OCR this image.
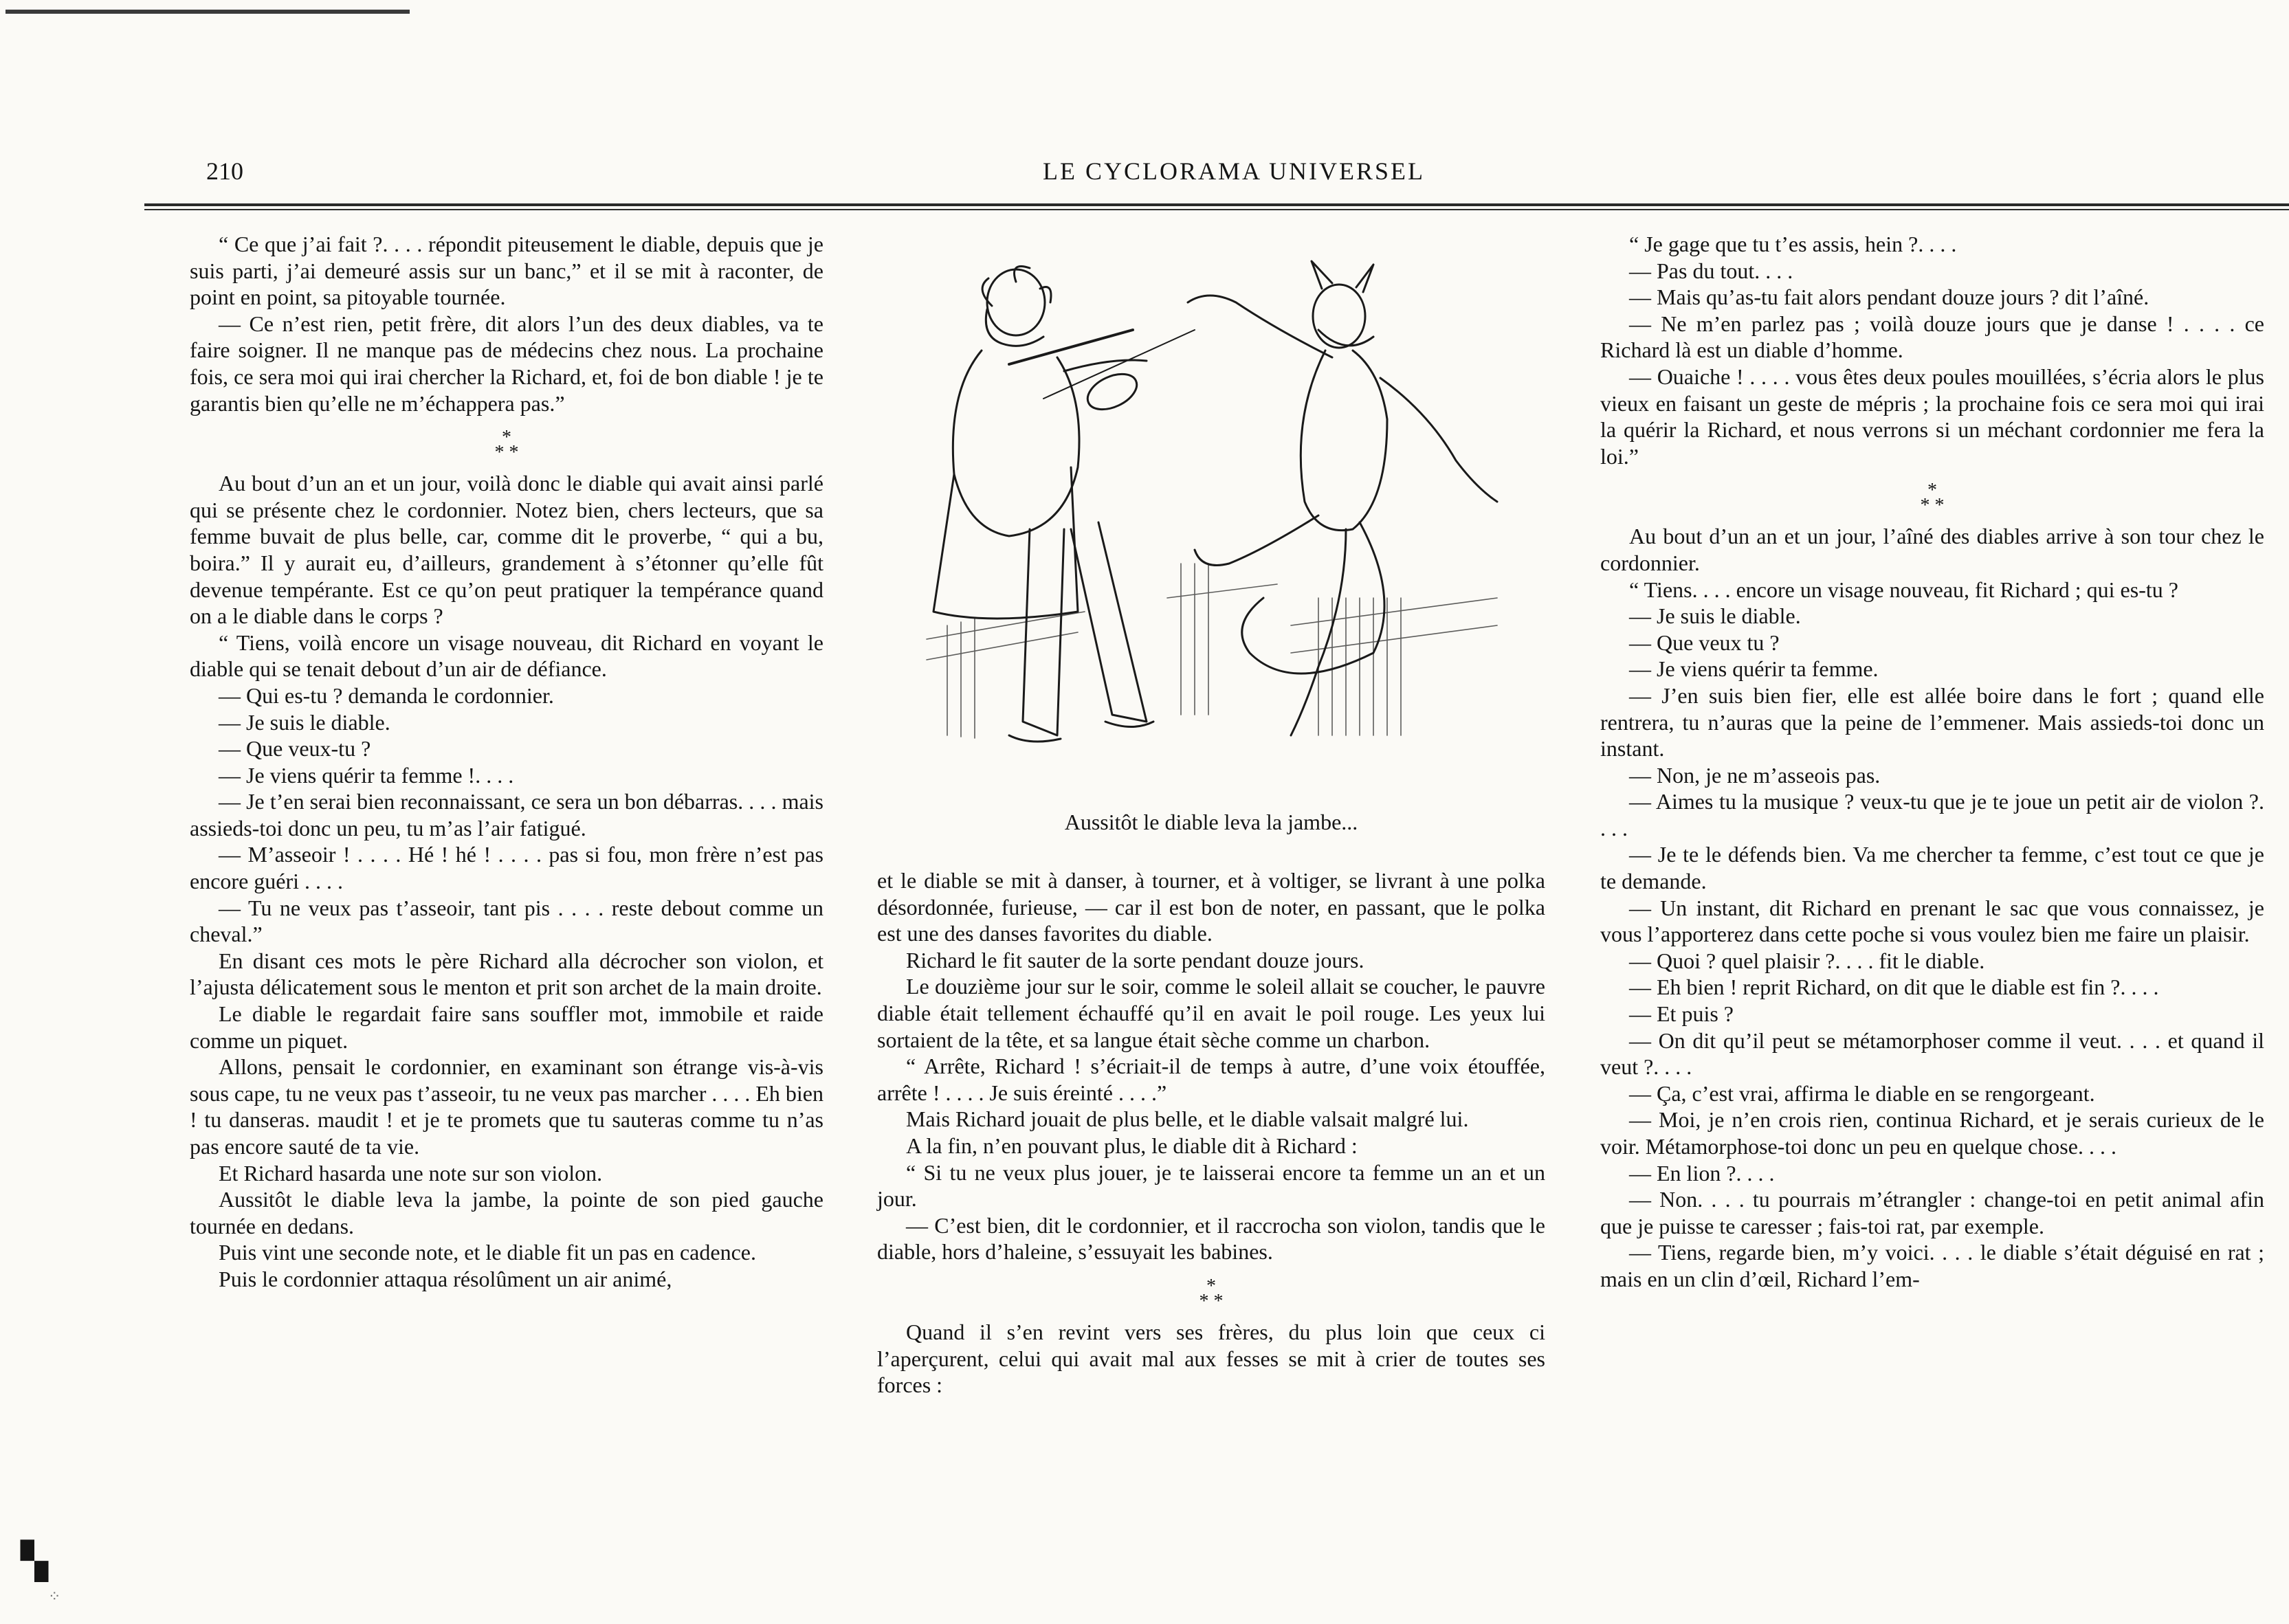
210	LE CYCLORAMA UNIVERSEL

“ Ce que j’ai fait ?. . . . répondit piteusement le diable, depuis que je suis parti, j’ai demeuré assis sur un banc,” et il se mit à raconter, de point en point, sa pitoyable tournée.

— Ce n’est rien, petit frère, dit alors l’un des deux diables, va te faire soigner. Il ne manque pas de médecins chez nous. La prochaine fois, ce sera moi qui irai chercher la Richard, et, foi de bon diable ! je te garantis bien qu’elle ne m’échappera pas.”

*
* *

Au bout d’un an et un jour, voilà donc le diable qui avait ainsi parlé qui se présente chez le cordonnier. Notez bien, chers lecteurs, que sa femme buvait de plus belle, car, comme dit le proverbe, “ qui a bu, boira.” Il y aurait eu, d’ailleurs, grandement à s’étonner qu’elle fût devenue tempérante. Est ce qu’on peut pratiquer la tempérance quand on a le diable dans le corps ?

“ Tiens, voilà encore un visage nouveau, dit Richard en voyant le diable qui se tenait debout d’un air de défiance.

— Qui es-tu ? demanda le cordonnier.

— Je suis le diable.

— Que veux-tu ?

— Je viens quérir ta femme !. . . .

— Je t’en serai bien reconnaissant, ce sera un bon débarras. . . . mais assieds-toi donc un peu, tu m’as l’air fatigué.

— M’asseoir ! . . . . Hé ! hé ! . . . . pas si fou, mon frère n’est pas encore guéri . . . .

— Tu ne veux pas t’asseoir, tant pis . . . . reste debout comme un cheval.”

En disant ces mots le père Richard alla décrocher son violon, et l’ajusta délicatement sous le menton et prit son archet de la main droite.

Le diable le regardait faire sans souffler mot, immobile et raide comme un piquet.

Allons, pensait le cordonnier, en examinant son étrange vis-à-vis sous cape, tu ne veux pas t’asseoir, tu ne veux pas marcher . . . . Eh bien ! tu danseras. maudit ! et je te promets que tu sauteras comme tu n’as pas encore sauté de ta vie.

Et Richard hasarda une note sur son violon.

Aussitôt le diable leva la jambe, la pointe de son pied gauche tournée en dedans.

Puis vint une seconde note, et le diable fit un pas en cadence.

Puis le cordonnier attaqua résolûment un air animé,

Aussitôt le diable leva la jambe...

et le diable se mit à danser, à tourner, et à voltiger, se livrant à une polka désordonnée, furieuse, — car il est bon de noter, en passant, que le polka est une des danses favorites du diable.

Richard le fit sauter de la sorte pendant douze jours.

Le douzième jour sur le soir, comme le soleil allait se coucher, le pauvre diable était tellement échauffé qu’il en avait le poil rouge. Les yeux lui sortaient de la tête, et sa langue était sèche comme un charbon.

“ Arrête, Richard ! s’écriait-il de temps à autre, d’une voix étouffée, arrête ! . . . . Je suis éreinté . . . .”

Mais Richard jouait de plus belle, et le diable valsait malgré lui.

A la fin, n’en pouvant plus, le diable dit à Richard :

“ Si tu ne veux plus jouer, je te laisserai encore ta femme un an et un jour.

— C’est bien, dit le cordonnier, et il raccrocha son violon, tandis que le diable, hors d’haleine, s’essuyait les babines.

*
* *

Quand il s’en revint vers ses frères, du plus loin que ceux ci l’aperçurent, celui qui avait mal aux fesses se mit à crier de toutes ses forces :

“ Je gage que tu t’es assis, hein ?. . . .

— Pas du tout. . . .

— Mais qu’as-tu fait alors pendant douze jours ? dit l’aîné.

— Ne m’en parlez pas ; voilà douze jours que je danse ! . . . . ce Richard là est un diable d’homme.

— Ouaiche ! . . . . vous êtes deux poules mouillées, s’écria alors le plus vieux en faisant un geste de mépris ; la prochaine fois ce sera moi qui irai la quérir la Richard, et nous verrons si un méchant cordonnier me fera la loi.”

*
* *

Au bout d’un an et un jour, l’aîné des diables arrive à son tour chez le cordonnier.

“ Tiens. . . . encore un visage nouveau, fit Richard ; qui es-tu ?

— Je suis le diable.

— Que veux tu ?

— Je viens quérir ta femme.

— J’en suis bien fier, elle est allée boire dans le fort ; quand elle rentrera, tu n’auras que la peine de l’emmener. Mais assieds-toi donc un instant.

— Non, je ne m’asseois pas.

— Aimes tu la musique ? veux-tu que je te joue un petit air de violon ?. . . .

— Je te le défends bien. Va me chercher ta femme, c’est tout ce que je te demande.

— Un instant, dit Richard en prenant le sac que vous connaissez, je vous l’apporterez dans cette poche si vous voulez bien me faire un plaisir.

— Quoi ? quel plaisir ?. . . . fit le diable.

— Eh bien ! reprit Richard, on dit que le diable est fin ?. . . .

— Et puis ?

— On dit qu’il peut se métamorphoser comme il veut. . . . et quand il veut ?. . . .

— Ça, c’est vrai, affirma le diable en se rengorgeant.

— Moi, je n’en crois rien, continua Richard, et je serais curieux de le voir. Métamorphose-toi donc un peu en quelque chose. . . .

— En lion ?. . . .

— Non. . . . tu pourrais m’étrangler : change-toi en petit animal afin que je puisse te caresser ; fais-toi rat, par exemple.

— Tiens, regarde bien, m’y voici. . . . le diable s’était déguisé en rat ; mais en un clin d’œil, Richard l’em-

▚
⁘
